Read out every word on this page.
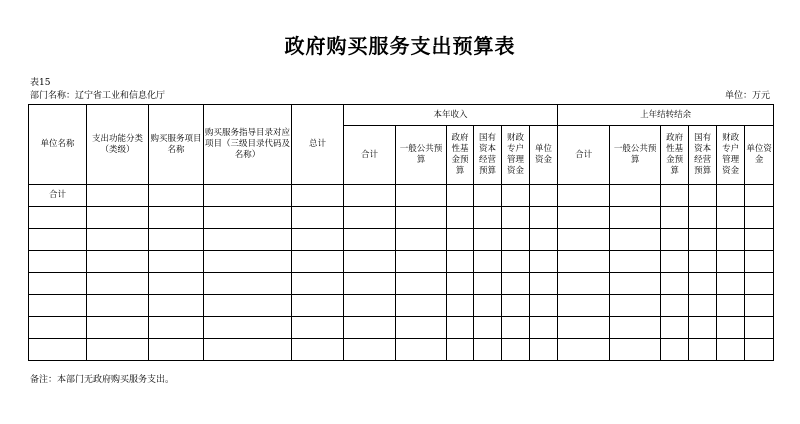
政府购买服务支出预算表
表15
部门名称：辽宁省工业和信息化厅	单位：万元
单位名称	支出功能分类（类级）	购买服务项目名称	购买服务指导目录对应项目（三级目录代码及名称）	总计	本年收入						上年结转结余					
					合计	一般公共预算	政府性基金预算	国有资本经营预算	财政专户管理资金	单位资金	合计	一般公共预算	政府性基金预算	国有资本经营预算	财政专户管理资金	单位资金
合计																

备注：本部门无政府购买服务支出。
